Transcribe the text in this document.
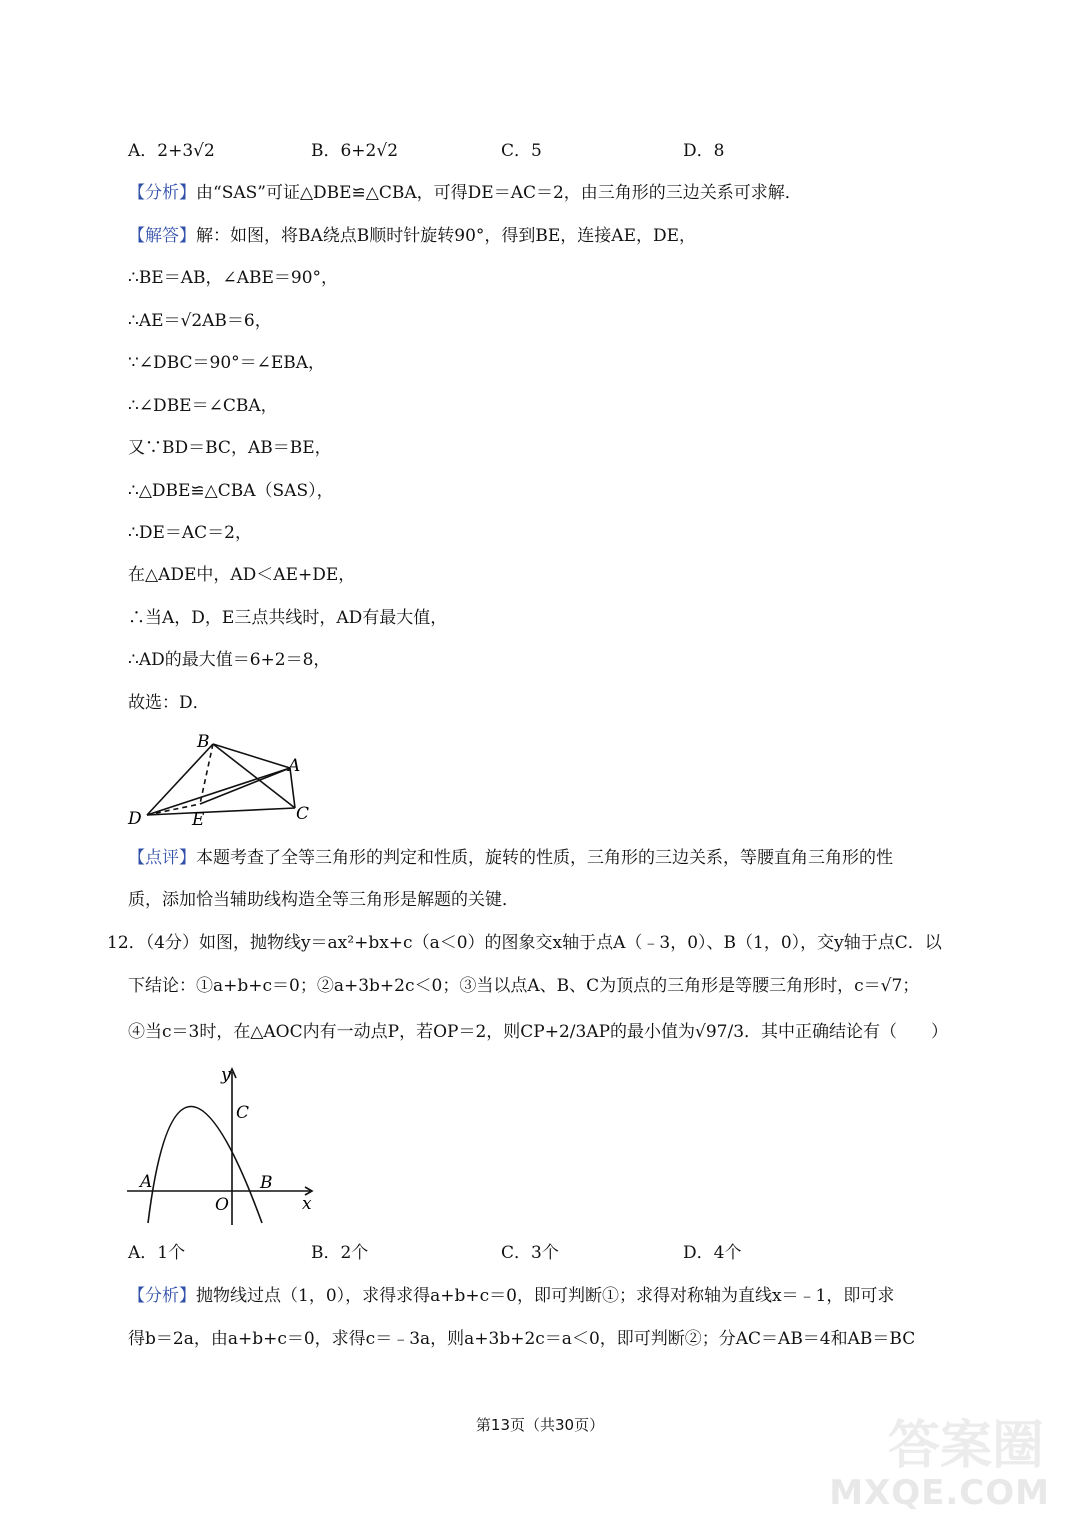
A．2+3√2	B．6+2√2	C．5	D．8
【分析】由“SAS”可证△DBE≌△CBA，可得DE＝AC＝2，由三角形的三边关系可求解．
【解答】解：如图，将BA绕点B顺时针旋转90°，得到BE，连接AE，DE，
∴BE＝AB，∠ABE＝90°，
∴AE＝√2AB＝6，
∵∠DBC＝90°＝∠EBA，
∴∠DBE＝∠CBA，
又∵BD＝BC，AB＝BE，
∴△DBE≌△CBA（SAS），
∴DE＝AC＝2，
在△ADE中，AD＜AE+DE，
∴当A，D，E三点共线时，AD有最大值，
∴AD的最大值＝6+2＝8，
故选：D．
B
A
C
D	E
【点评】本题考查了全等三角形的判定和性质，旋转的性质，三角形的三边关系，等腰直角三角形的性
质，添加恰当辅助线构造全等三角形是解题的关键．
12．（4分）如图，抛物线y＝ax²+bx+c（a＜0）的图象交x轴于点A（﹣3，0）、B（1，0），交y轴于点C．以
下结论：①a+b+c＝0；②a+3b+2c＜0；③当以点A、B、C为顶点的三角形是等腰三角形时，c＝√7；
④当c＝3时，在△AOC内有一动点P，若OP＝2，则CP+2/3AP的最小值为√97/3．其中正确结论有（　　）
y
x
C
A	B
O
A．1个	B．2个	C．3个	D．4个
【分析】抛物线过点（1，0），求得求得a+b+c＝0，即可判断①；求得对称轴为直线x＝﹣1，即可求
得b＝2a，由a+b+c＝0，求得c＝﹣3a，则a+3b+2c＝a＜0，即可判断②；分AC＝AB＝4和AB＝BC
第13页（共30页）	答案圈
MXQE.COM
